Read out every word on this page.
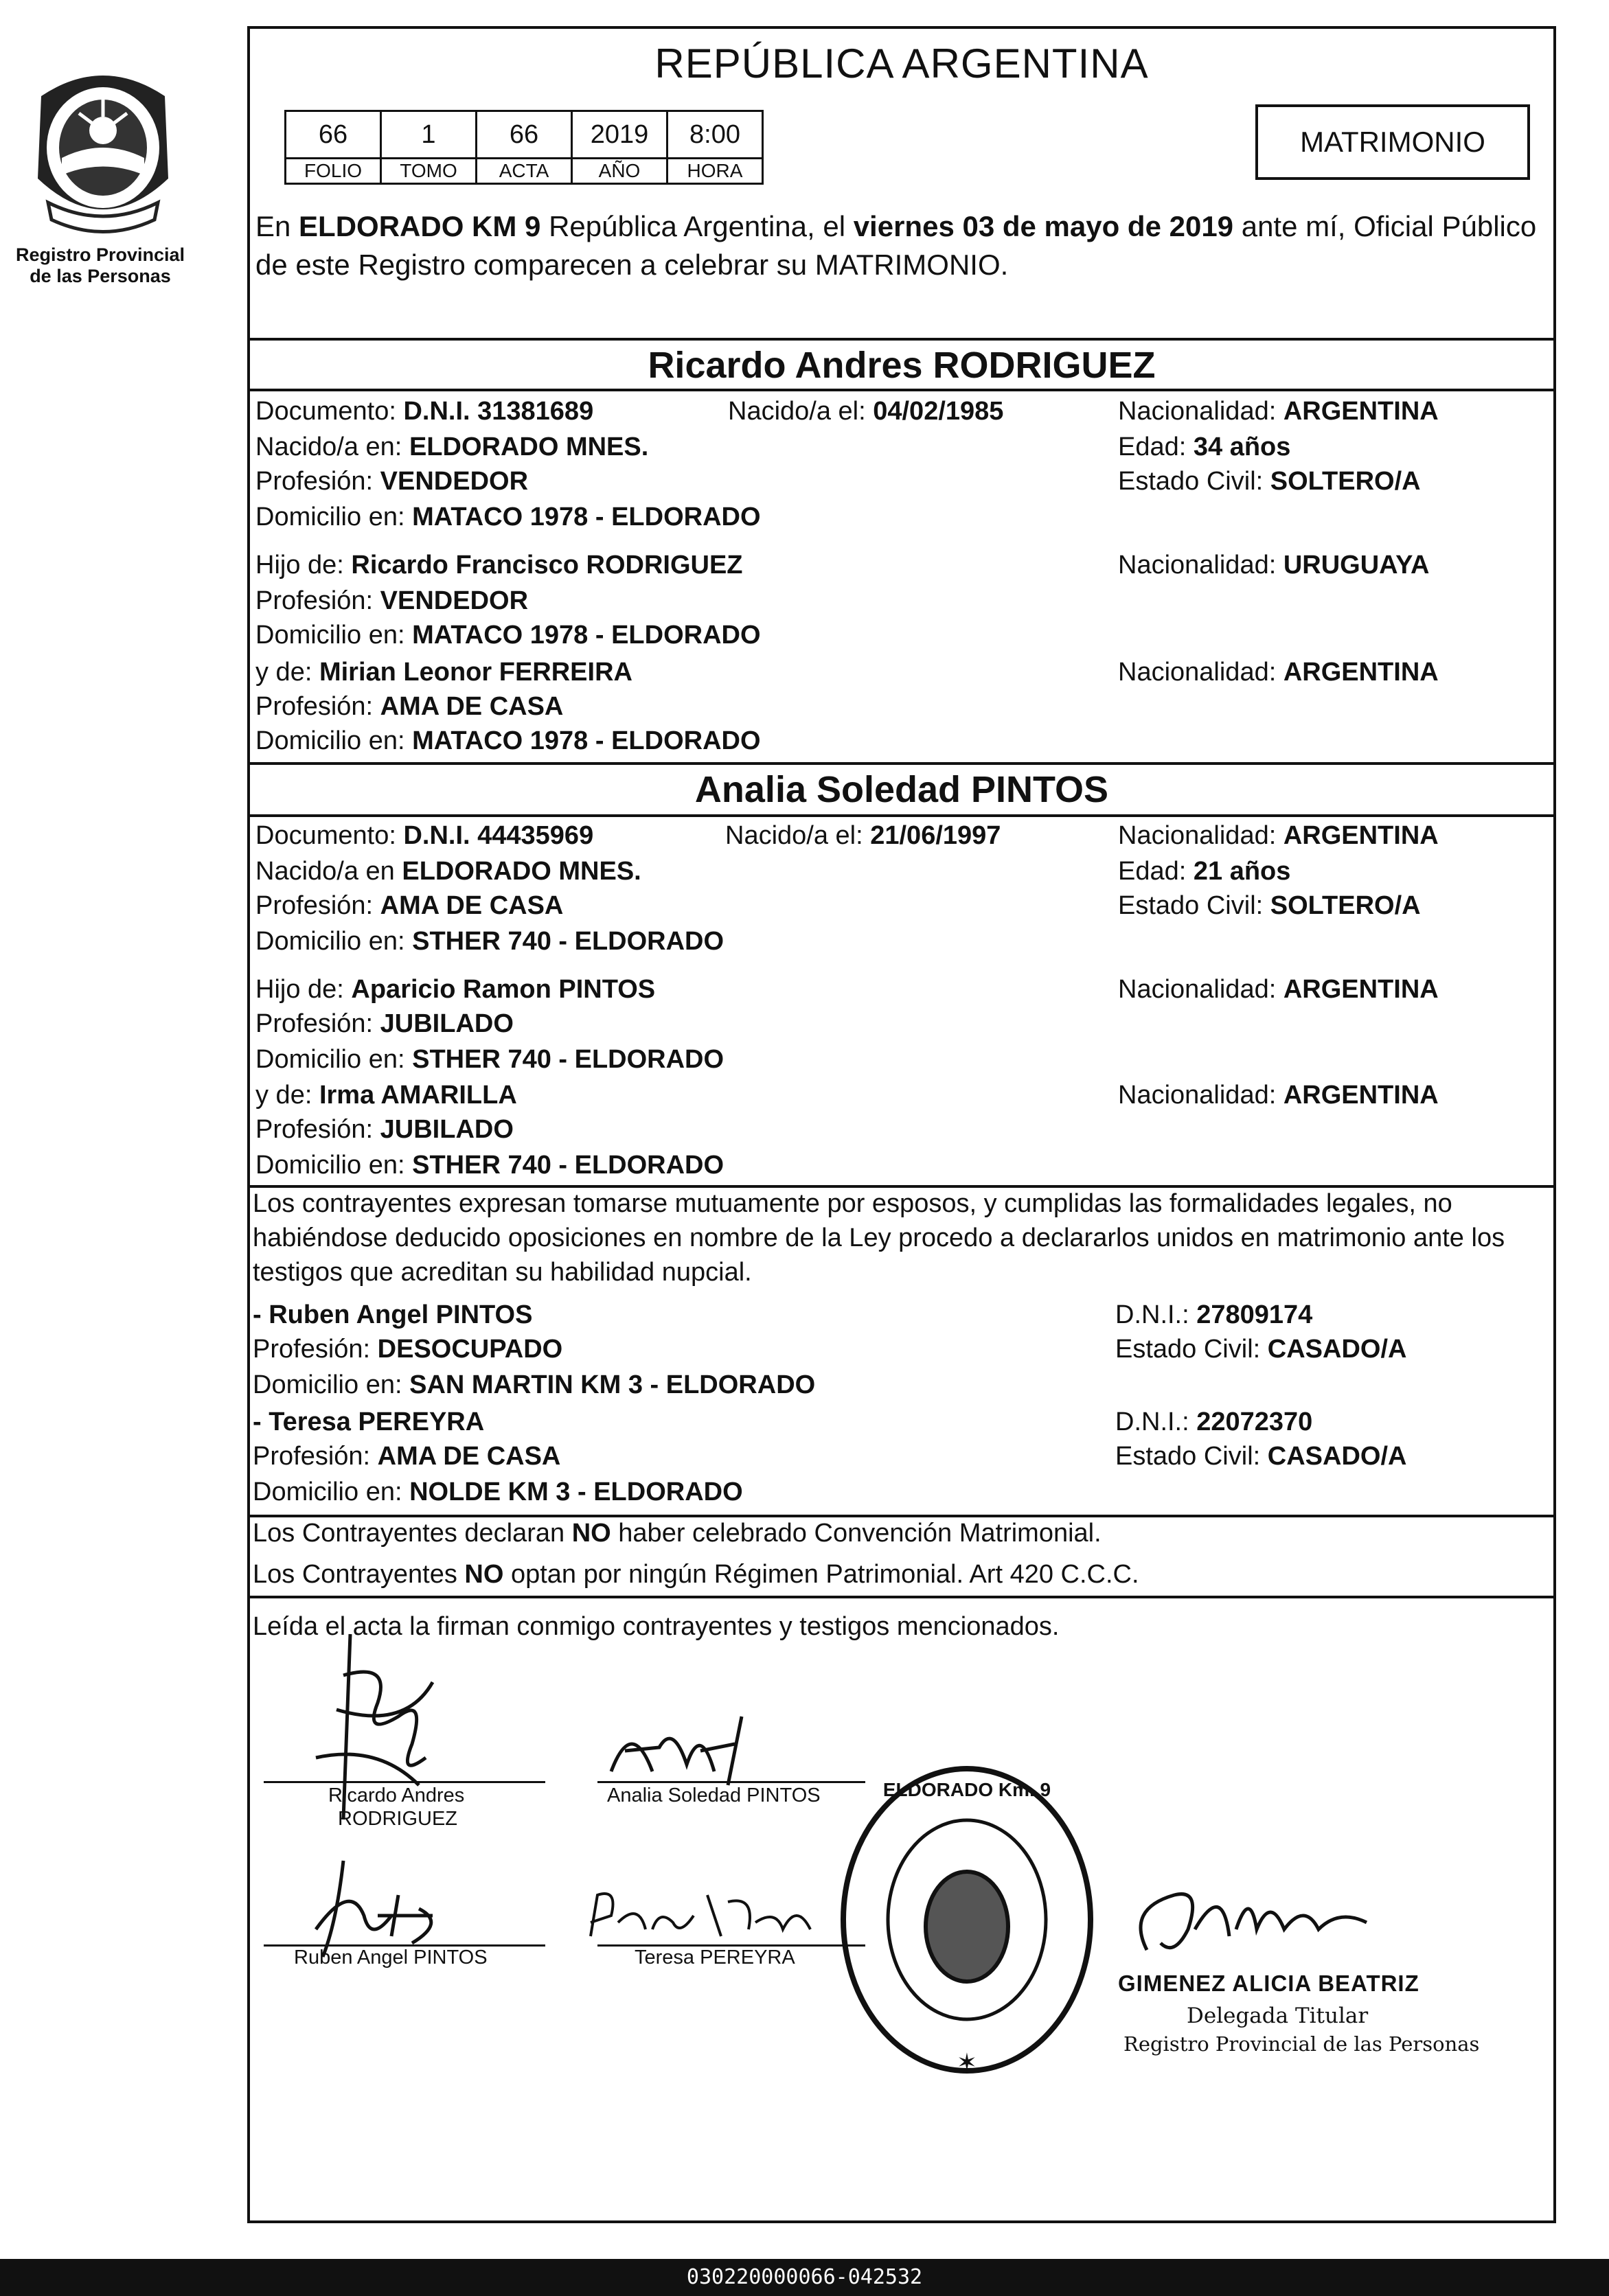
Registro Provincial
de las Personas
REPÚBLICA ARGENTINA
66	1	66	2019	8:00
FOLIO	TOMO	ACTA	AÑO	HORA
MATRIMONIO
En ELDORADO KM 9 República Argentina, el viernes 03 de mayo de 2019 ante mí, Oficial Público de este Registro comparecen a celebrar su MATRIMONIO.
Ricardo Andres RODRIGUEZ
Documento: D.N.I. 31381689	Nacido/a el: 04/02/1985	Nacionalidad: ARGENTINA
Nacido/a en: ELDORADO MNES.	Edad: 34 años
Profesión: VENDEDOR	Estado Civil: SOLTERO/A
Domicilio en: MATACO 1978 - ELDORADO
Hijo de: Ricardo Francisco RODRIGUEZ	Nacionalidad: URUGUAYA
Profesión: VENDEDOR
Domicilio en: MATACO 1978 - ELDORADO
y de: Mirian Leonor FERREIRA	Nacionalidad: ARGENTINA
Profesión: AMA DE CASA
Domicilio en: MATACO 1978 - ELDORADO
Analia Soledad PINTOS
Documento: D.N.I. 44435969	Nacido/a el: 21/06/1997	Nacionalidad: ARGENTINA
Nacido/a en ELDORADO MNES.	Edad: 21 años
Profesión: AMA DE CASA	Estado Civil: SOLTERO/A
Domicilio en: STHER 740 - ELDORADO
Hijo de: Aparicio Ramon PINTOS	Nacionalidad: ARGENTINA
Profesión: JUBILADO
Domicilio en: STHER 740 - ELDORADO
y de: Irma AMARILLA	Nacionalidad: ARGENTINA
Profesión: JUBILADO
Domicilio en: STHER 740 - ELDORADO
Los contrayentes expresan tomarse mutuamente por esposos, y cumplidas las formalidades legales, no habiéndose deducido oposiciones en nombre de la Ley procedo a declararlos unidos en matrimonio ante los testigos que acreditan su habilidad nupcial.
- Ruben Angel PINTOS	D.N.I.: 27809174
Profesión: DESOCUPADO	Estado Civil: CASADO/A
Domicilio en: SAN MARTIN KM 3 - ELDORADO
- Teresa PEREYRA	D.N.I.: 22072370
Profesión: AMA DE CASA	Estado Civil: CASADO/A
Domicilio en: NOLDE KM 3 - ELDORADO
Los Contrayentes declaran NO haber celebrado Convención Matrimonial.
Los Contrayentes NO optan por ningún Régimen Patrimonial. Art 420 C.C.C.
Leída el acta la firman conmigo contrayentes y testigos mencionados.
Ricardo Andres
RODRIGUEZ
Analia Soledad PINTOS
Ruben Angel PINTOS	Teresa PEREYRA
ELDORADO Km. 9
✶
GIMENEZ ALICIA BEATRIZ
Delegada Titular
Registro Provincial de las Personas
030220000066-042532
